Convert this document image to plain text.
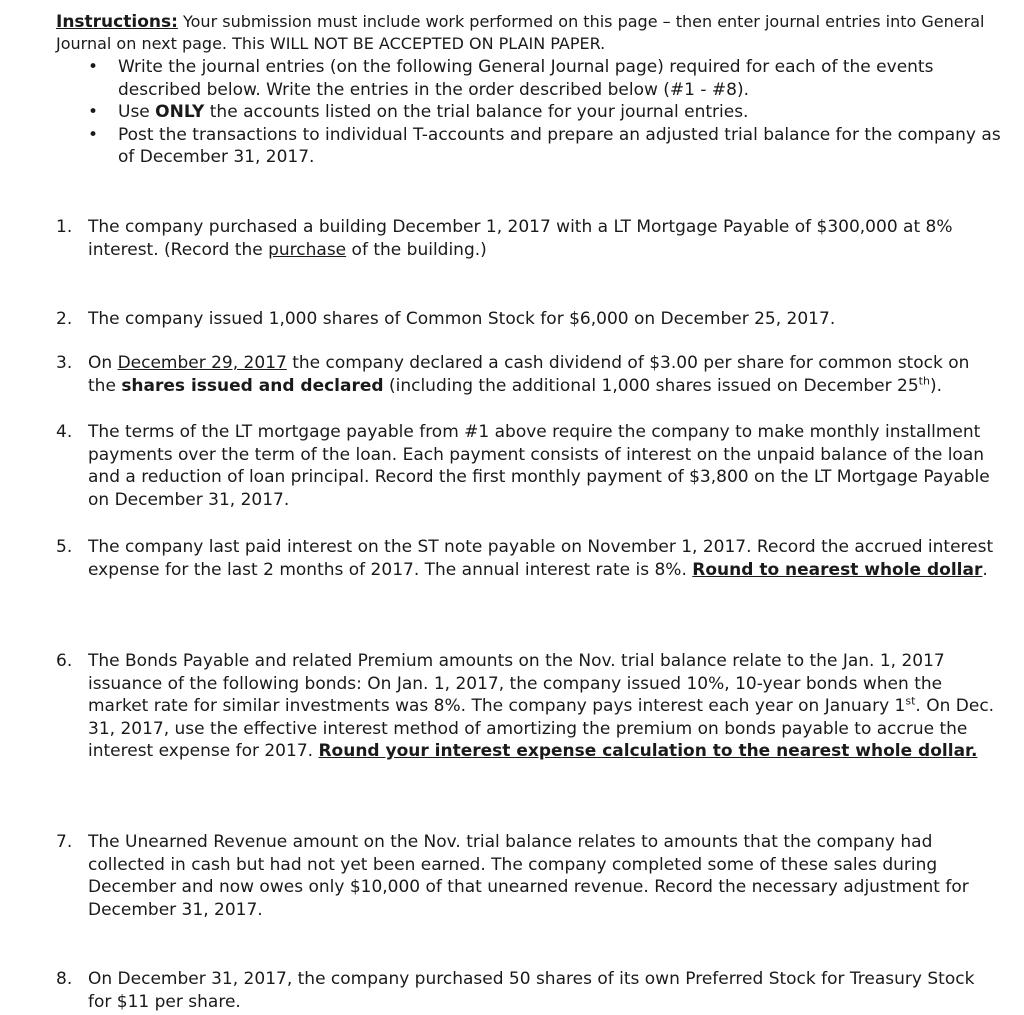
Instructions: Your submission must include work performed on this page – then enter journal entries into General Journal on next page. This WILL NOT BE ACCEPTED ON PLAIN PAPER.
• Write the journal entries (on the following General Journal page) required for each of the events described below. Write the entries in the order described below (#1 - #8).
• Use ONLY the accounts listed on the trial balance for your journal entries.
• Post the transactions to individual T-accounts and prepare an adjusted trial balance for the company as of December 31, 2017.
1. The company purchased a building December 1, 2017 with a LT Mortgage Payable of $300,000 at 8% interest. (Record the purchase of the building.)
2. The company issued 1,000 shares of Common Stock for $6,000 on December 25, 2017.
3. On December 29, 2017 the company declared a cash dividend of $3.00 per share for common stock on the shares issued and declared (including the additional 1,000 shares issued on December 25th).
4. The terms of the LT mortgage payable from #1 above require the company to make monthly installment payments over the term of the loan. Each payment consists of interest on the unpaid balance of the loan and a reduction of loan principal. Record the first monthly payment of $3,800 on the LT Mortgage Payable on December 31, 2017.
5. The company last paid interest on the ST note payable on November 1, 2017. Record the accrued interest expense for the last 2 months of 2017. The annual interest rate is 8%. Round to nearest whole dollar.
6. The Bonds Payable and related Premium amounts on the Nov. trial balance relate to the Jan. 1, 2017 issuance of the following bonds: On Jan. 1, 2017, the company issued 10%, 10-year bonds when the market rate for similar investments was 8%. The company pays interest each year on January 1st. On Dec. 31, 2017, use the effective interest method of amortizing the premium on bonds payable to accrue the interest expense for 2017. Round your interest expense calculation to the nearest whole dollar.
7. The Unearned Revenue amount on the Nov. trial balance relates to amounts that the company had collected in cash but had not yet been earned. The company completed some of these sales during December and now owes only $10,000 of that unearned revenue. Record the necessary adjustment for December 31, 2017.
8. On December 31, 2017, the company purchased 50 shares of its own Preferred Stock for Treasury Stock for $11 per share.
